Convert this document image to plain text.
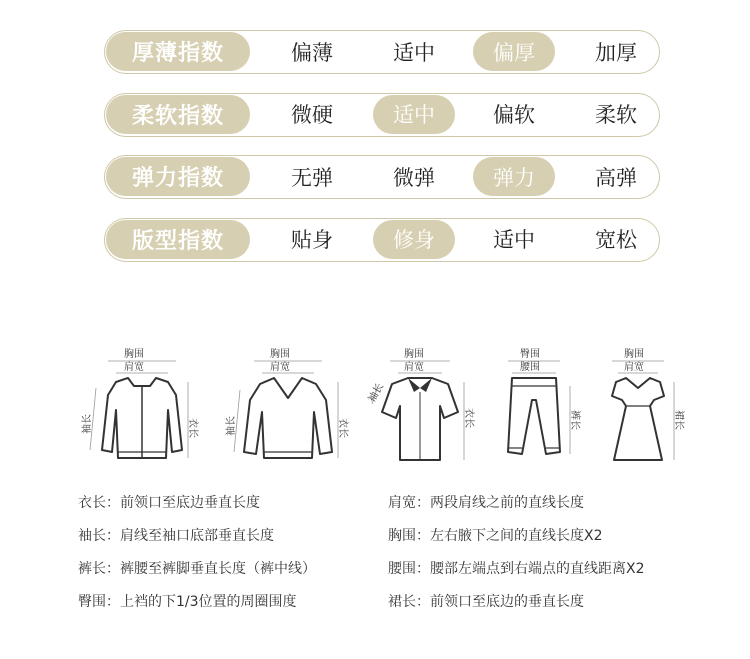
厚薄指数	偏薄	适中	偏厚	加厚
柔软指数	微硬	适中	偏软	柔软
弹力指数	无弹	微弹	弹力	高弹
版型指数	贴身	修身	适中	宽松
胸围
肩宽
袖长	衣长
胸围
肩宽
袖长	衣长
胸围
肩宽
袖长
衣长
臀围
腰围
裤长
胸围
肩宽
裙长
衣长：前领口至底边垂直长度
袖长：肩线至袖口底部垂直长度
裤长：裤腰至裤脚垂直长度（裤中线）
臀围：上裆的下1/3位置的周圈围度
肩宽：两段肩线之前的直线长度
胸围：左右腋下之间的直线长度X2
腰围：腰部左端点到右端点的直线距离X2
裙长：前领口至底边的垂直长度
